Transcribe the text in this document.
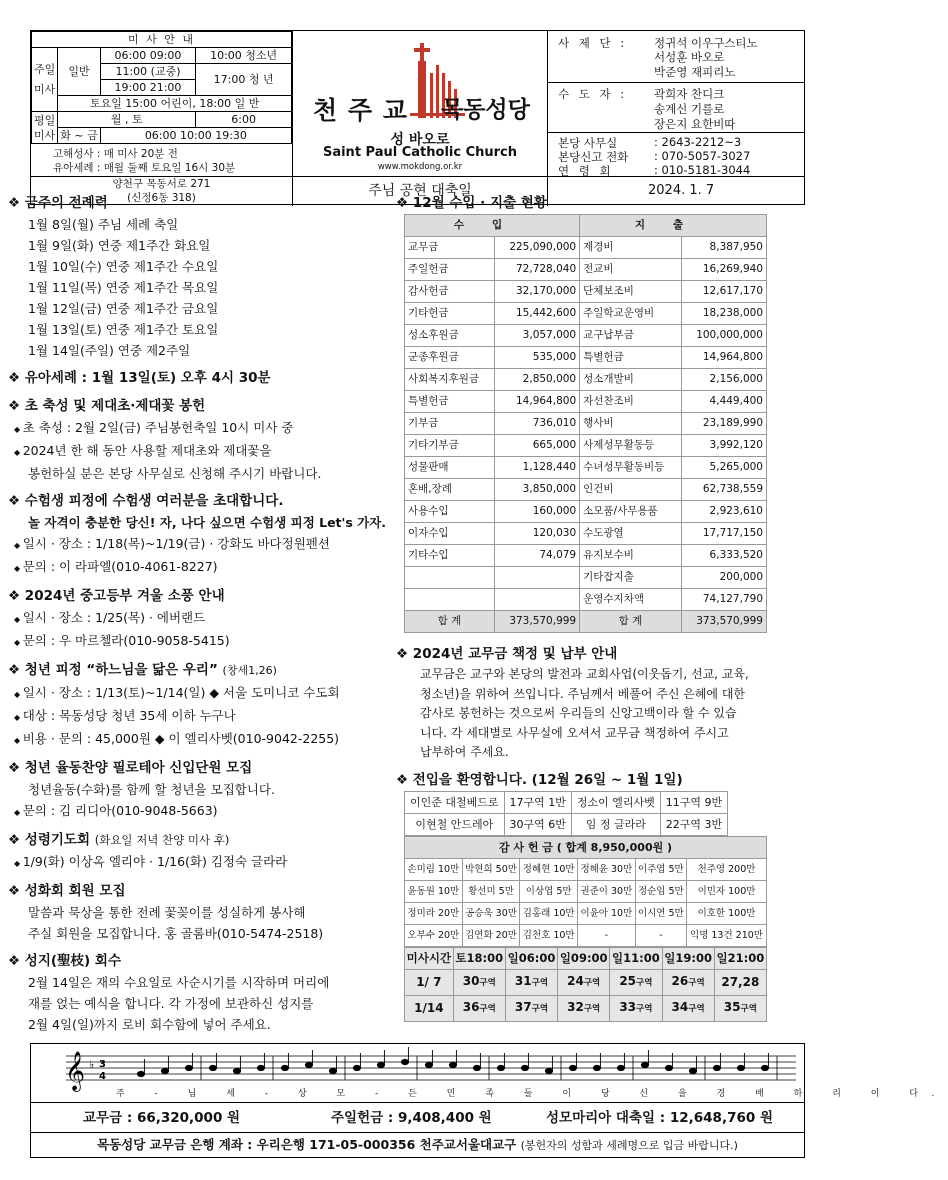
미 사 안 내			
주일
미사	일반	06:00 09:00	10:00 청소년
		11:00 (교중)	17:00 청 년
		19:00 21:00	
	토요일 15:00 어린이, 18:00 일 반		
평일
미사	월 , 토		6:00
	화 ~ 금	06:00 10:00 19:30	
고해성사 : 매 미사 20분 전
유아세례 : 매월 둘째 토요일 16시 30분
천 주 교 목동성당
성 바오로
Saint Paul Catholic Church
www.mokdong.or.kr
사 제 단 : 정귀석 이우구스티노
서성훈 바오로
박준영 재피리노
수 도 자 : 곽희자 찬디크
송계신 기를로
장은지 요한비따
본당 사무실	: 2643-2212~3
본당신고 전화 : 070-5057-3027
연 령 회	: 010-5181-3044
양천구 목동서로 271
(신정6동 318)	주님 공현 대축일	2024. 1. 7
❖ 금주의 전례력
1월 8일(월) 주님 세례 축일
1월 9일(화) 연중 제1주간 화요일
1월 10일(수) 연중 제1주간 수요일
1월 11일(목) 연중 제1주간 목요일
1월 12일(금) 연중 제1주간 금요일
1월 13일(토) 연중 제1주간 토요일
1월 14일(주일) 연중 제2주일
❖ 유아세례 : 1월 13일(토) 오후 4시 30분
❖ 초 축성 및 제대초·제대꽃 봉헌
◆ 초 축성 : 2월 2일(금) 주님봉헌축일 10시 미사 중
◆ 2024년 한 해 동안 사용할 제대초와 제대꽃을
봉헌하실 분은 본당 사무실로 신청해 주시기 바랍니다.
❖ 수험생 피정에 수험생 여러분을 초대합니다.
놀 자격이 충분한 당신! 자, 나다 싶으면 수험생 피정 Let's 가자.
◆ 일시 · 장소 : 1/18(목)~1/19(금) · 강화도 바다정원펜션
◆ 문의 : 이 라파엘(010-4061-8227)
❖ 2024년 중고등부 겨울 소풍 안내
◆ 일시 · 장소 : 1/25(목) · 에버랜드
◆ 문의 : 우 마르첼라(010-9058-5415)
❖ 청년 피정 “하느님을 닮은 우리” (창세1,26)
◆ 일시 · 장소 : 1/13(토)~1/14(일) ◆ 서울 도미니코 수도회
◆ 대상 : 목동성당 청년 35세 이하 누구나
◆ 비용 · 문의 : 45,000원 ◆ 이 엘리사벳(010-9042-2255)
❖ 청년 율동찬양 필로테아 신입단원 모집
청년율동(수화)를 함께 할 청년을 모집합니다.
◆ 문의 : 김 리디아(010-9048-5663)
❖ 성령기도회 (화요일 저녁 찬양 미사 후)
◆ 1/9(화) 이상옥 엘리야 · 1/16(화) 김정숙 글라라
❖ 성화회 회원 모집
말씀과 묵상을 통한 전례 꽃꽂이를 성실하게 봉사해
주실 회원을 모집합니다. 홍 골롬바(010-5474-2518)
❖ 성지(聖枝) 회수
2월 14일은 재의 수요일로 사순시기를 시작하며 머리에
재를 얹는 예식을 합니다. 각 가정에 보관하신 성지를
2월 4일(일)까지 로비 회수함에 넣어 주세요.
❖ 12월 수입 · 지출 현황
수입		지출	
교무금	225,090,000	제경비	8,387,950
주일헌금	72,728,040	전교비	16,269,940
감사헌금	32,170,000	단체보조비	12,617,170
기타헌금	15,442,600	주일학교운영비	18,238,000
성소후원금	3,057,000	교구납부금	100,000,000
군종후원금	535,000	특별헌금	14,964,800
사회복지후원금	2,850,000	성소개발비	2,156,000
특별헌금	14,964,800	자선찬조비	4,449,400
기부금	736,010	행사비	23,189,990
기타기부금	665,000	사제성무활동등	3,992,120
성물판매	1,128,440	수녀성무활동비등	5,265,000
혼배,장례	3,850,000	인건비	62,738,559
사용수입	160,000	소모품/사무용품	2,923,610
이자수입	120,030	수도광열	17,717,150
기타수입	74,079	유지보수비	6,333,520
		기타잡지출	200,000
		운영수지차액	74,127,790
합 계	373,570,999	합 계	373,570,999
❖ 2024년 교무금 책정 및 납부 안내
교무금은 교구와 본당의 발전과 교회사업(이웃돕기, 선교, 교육,
청소년)을 위하여 쓰입니다. 주님께서 베풀어 주신 은혜에 대한
감사로 봉헌하는 것으로써 우리들의 신앙고백이라 할 수 있습
니다. 각 세대별로 사무실에 오셔서 교무금 책정하여 주시고
납부하여 주세요.
❖ 전입을 환영합니다. (12월 26일 ~ 1월 1일)
이인준 대철베드로	17구역 1반	정소이 엘리사벳	11구역 9반
이현철 안드레아	30구역 6반	임 정 글라라	22구역 3반
감 사 헌 금 ( 합계 8,950,000원 )					
손미림 10만	박현희 50만	정혜현 10만	정혜윤 30만	이주엽 5만	천주영 200만
윤동원 10만	황선미 5만	이상엽 5만	권준이 30만	정순임 5만	이민자 100만
정미라 20만	공승욱 30만	김홍래 10만	이윤아 10만	이시연 5만	이호한 100만
오부수 20만	김연화 20만	김천호 10만	-	-	익명 13건 210만
미사시간	토18:00	일06:00	일09:00	일11:00	일19:00	일21:00
1/ 7	30구역	31구역	24구역	25구역	26구역	27,28
1/14	36구역	37구역	32구역	33구역	34구역	35구역
𝄞 ♭ 3
4
주 - 님 세 - 상 모 - 든 민 족 들 이 당 신 을 경 배 하 리 이 다.
교무금 : 66,320,000 원	주일헌금 : 9,408,400 원	성모마리아 대축일 : 12,648,760 원
목동성당 교무금 은행 계좌 : 우리은행 171-05-000356 천주교서울대교구 (봉헌자의 성함과 세례명으로 입금 바랍니다.)
